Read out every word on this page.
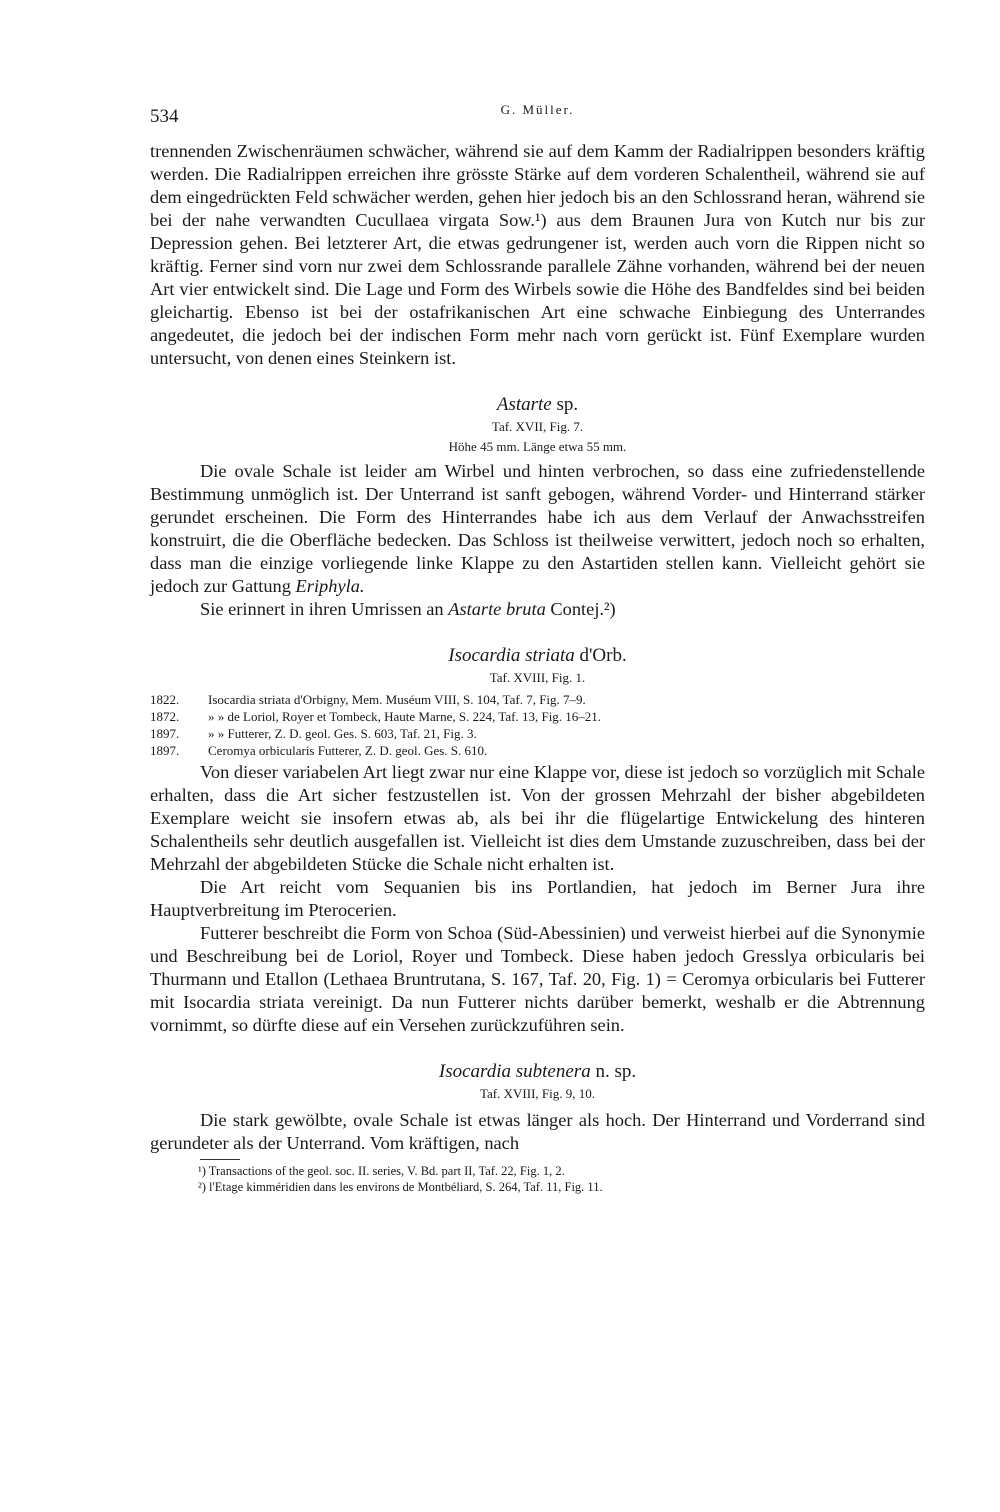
534	G. Müller.

trennenden Zwischenräumen schwächer, während sie auf dem Kamm der Radialrippen besonders kräftig werden. Die Radialrippen erreichen ihre grösste Stärke auf dem vorderen Schalentheil, während sie auf dem eingedrückten Feld schwächer werden, gehen hier jedoch bis an den Schlossrand heran, während sie bei der nahe verwandten Cucullaea virgata Sow.¹) aus dem Braunen Jura von Kutch nur bis zur Depression gehen. Bei letzterer Art, die etwas gedrungener ist, werden auch vorn die Rippen nicht so kräftig. Ferner sind vorn nur zwei dem Schlossrande parallele Zähne vorhanden, während bei der neuen Art vier entwickelt sind. Die Lage und Form des Wirbels sowie die Höhe des Bandfeldes sind bei beiden gleichartig. Ebenso ist bei der ostafrikanischen Art eine schwache Einbiegung des Unterrandes angedeutet, die jedoch bei der indischen Form mehr nach vorn gerückt ist. Fünf Exemplare wurden untersucht, von denen eines Steinkern ist.

Astarte sp.
Taf. XVII, Fig. 7.
Höhe 45 mm. Länge etwa 55 mm.

Die ovale Schale ist leider am Wirbel und hinten verbrochen, so dass eine zufriedenstellende Bestimmung unmöglich ist. Der Unterrand ist sanft gebogen, während Vorder- und Hinterrand stärker gerundet erscheinen. Die Form des Hinterrandes habe ich aus dem Verlauf der Anwachsstreifen konstruirt, die die Oberfläche bedecken. Das Schloss ist theilweise verwittert, jedoch noch so erhalten, dass man die einzige vorliegende linke Klappe zu den Astartiden stellen kann. Vielleicht gehört sie jedoch zur Gattung Eriphyla.

Sie erinnert in ihren Umrissen an Astarte bruta Contej.²)

Isocardia striata d'Orb.
Taf. XVIII, Fig. 1.
1822.	Isocardia striata d'Orbigny, Mem. Muséum VIII, S. 104, Taf. 7, Fig. 7–9.
1872.	» » de Loriol, Royer et Tombeck, Haute Marne, S. 224, Taf. 13, Fig. 16–21.
1897.	» » Futterer, Z. D. geol. Ges. S. 603, Taf. 21, Fig. 3.
1897.	Ceromya orbicularis Futterer, Z. D. geol. Ges. S. 610.

Von dieser variabelen Art liegt zwar nur eine Klappe vor, diese ist jedoch so vorzüglich mit Schale erhalten, dass die Art sicher festzustellen ist. Von der grossen Mehrzahl der bisher abgebildeten Exemplare weicht sie insofern etwas ab, als bei ihr die flügelartige Entwickelung des hinteren Schalentheils sehr deutlich ausgefallen ist. Vielleicht ist dies dem Umstande zuzuschreiben, dass bei der Mehrzahl der abgebildeten Stücke die Schale nicht erhalten ist.

Die Art reicht vom Sequanien bis ins Portlandien, hat jedoch im Berner Jura ihre Hauptverbreitung im Pterocerien.

Futterer beschreibt die Form von Schoa (Süd-Abessinien) und verweist hierbei auf die Synonymie und Beschreibung bei de Loriol, Royer und Tombeck. Diese haben jedoch Gresslya orbicularis bei Thurmann und Etallon (Lethaea Bruntrutana, S. 167, Taf. 20, Fig. 1) = Ceromya orbicularis bei Futterer mit Isocardia striata vereinigt. Da nun Futterer nichts darüber bemerkt, weshalb er die Abtrennung vornimmt, so dürfte diese auf ein Versehen zurückzuführen sein.

Isocardia subtenera n. sp.
Taf. XVIII, Fig. 9, 10.

Die stark gewölbte, ovale Schale ist etwas länger als hoch. Der Hinterrand und Vorderrand sind gerundeter als der Unterrand. Vom kräftigen, nach

¹) Transactions of the geol. soc. II. series, V. Bd. part II, Taf. 22, Fig. 1, 2.
²) l'Etage kimméridien dans les environs de Montbéliard, S. 264, Taf. 11, Fig. 11.
